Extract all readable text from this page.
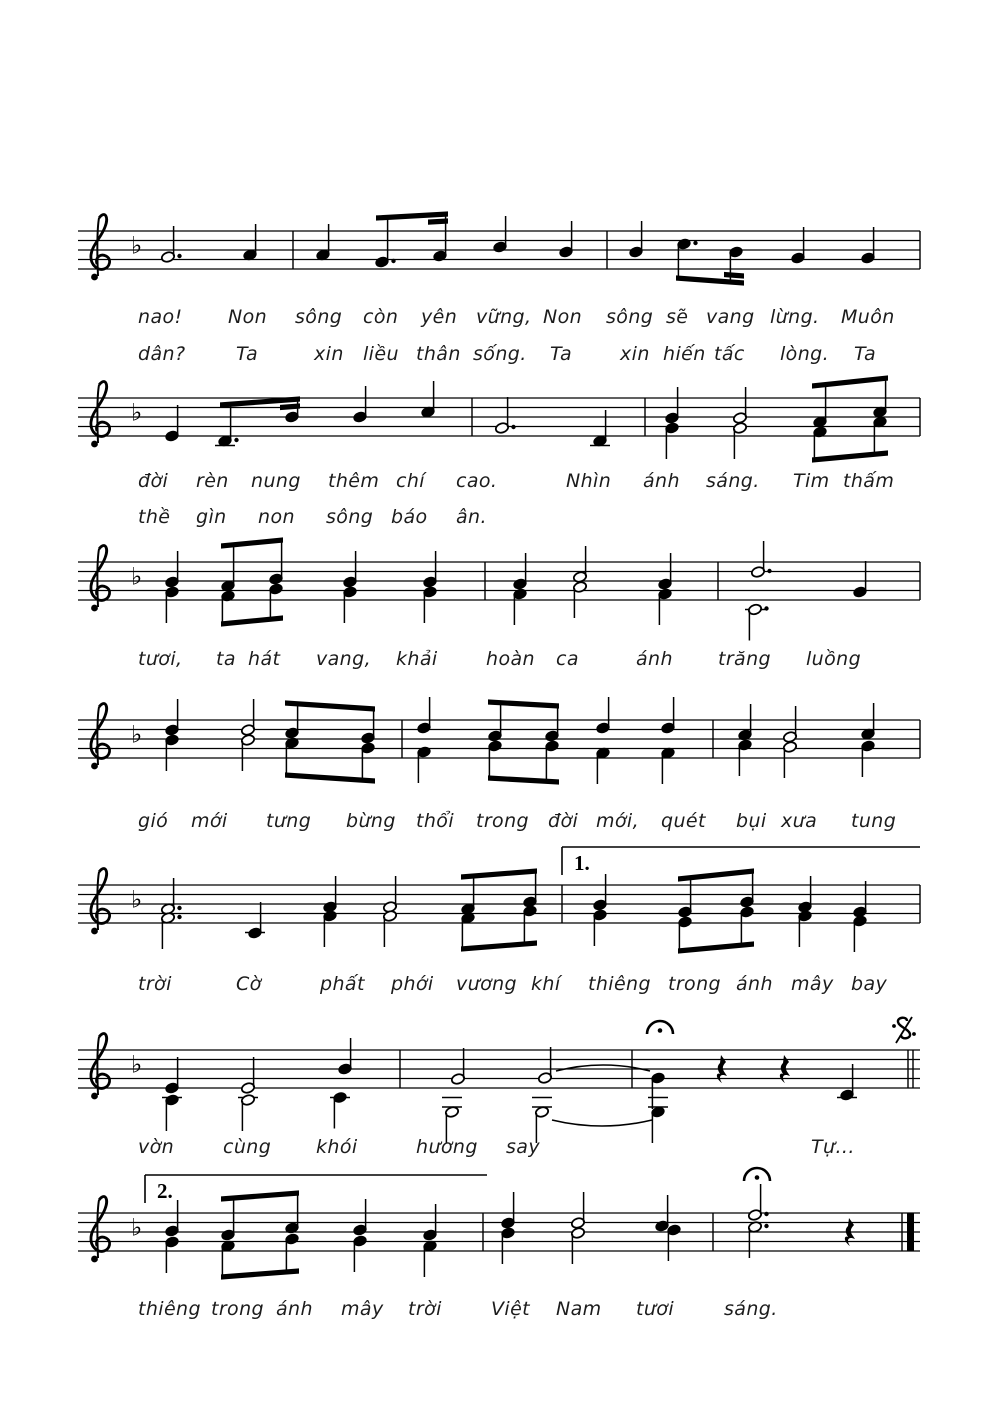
♭
♭
♭
♭
♭
♭
♭
nao! Non sông còn yên vững, Non sông sẽ vang lừng. Muôn
dân?	Ta	xin liều thân sống. Ta	xin hiến tấc lòng. Ta
đời rèn nung thêm chí cao.	Nhìn ánh sáng. Tim thấm
thề gìn non sông báo ân.
tươi, ta hát vang, khải	hoàn ca	ánh trăng luồng
gió mới tưng bừng thổi trong đời mới, quét bụi xưa tung
trời	Cờ	phất phới vương khí thiêng trong ánh mây bay
vờn	cùng khói	hương say	Tự...
thiêng trong ánh mây trời	Việt Nam tươi	sáng.
1.
2.
